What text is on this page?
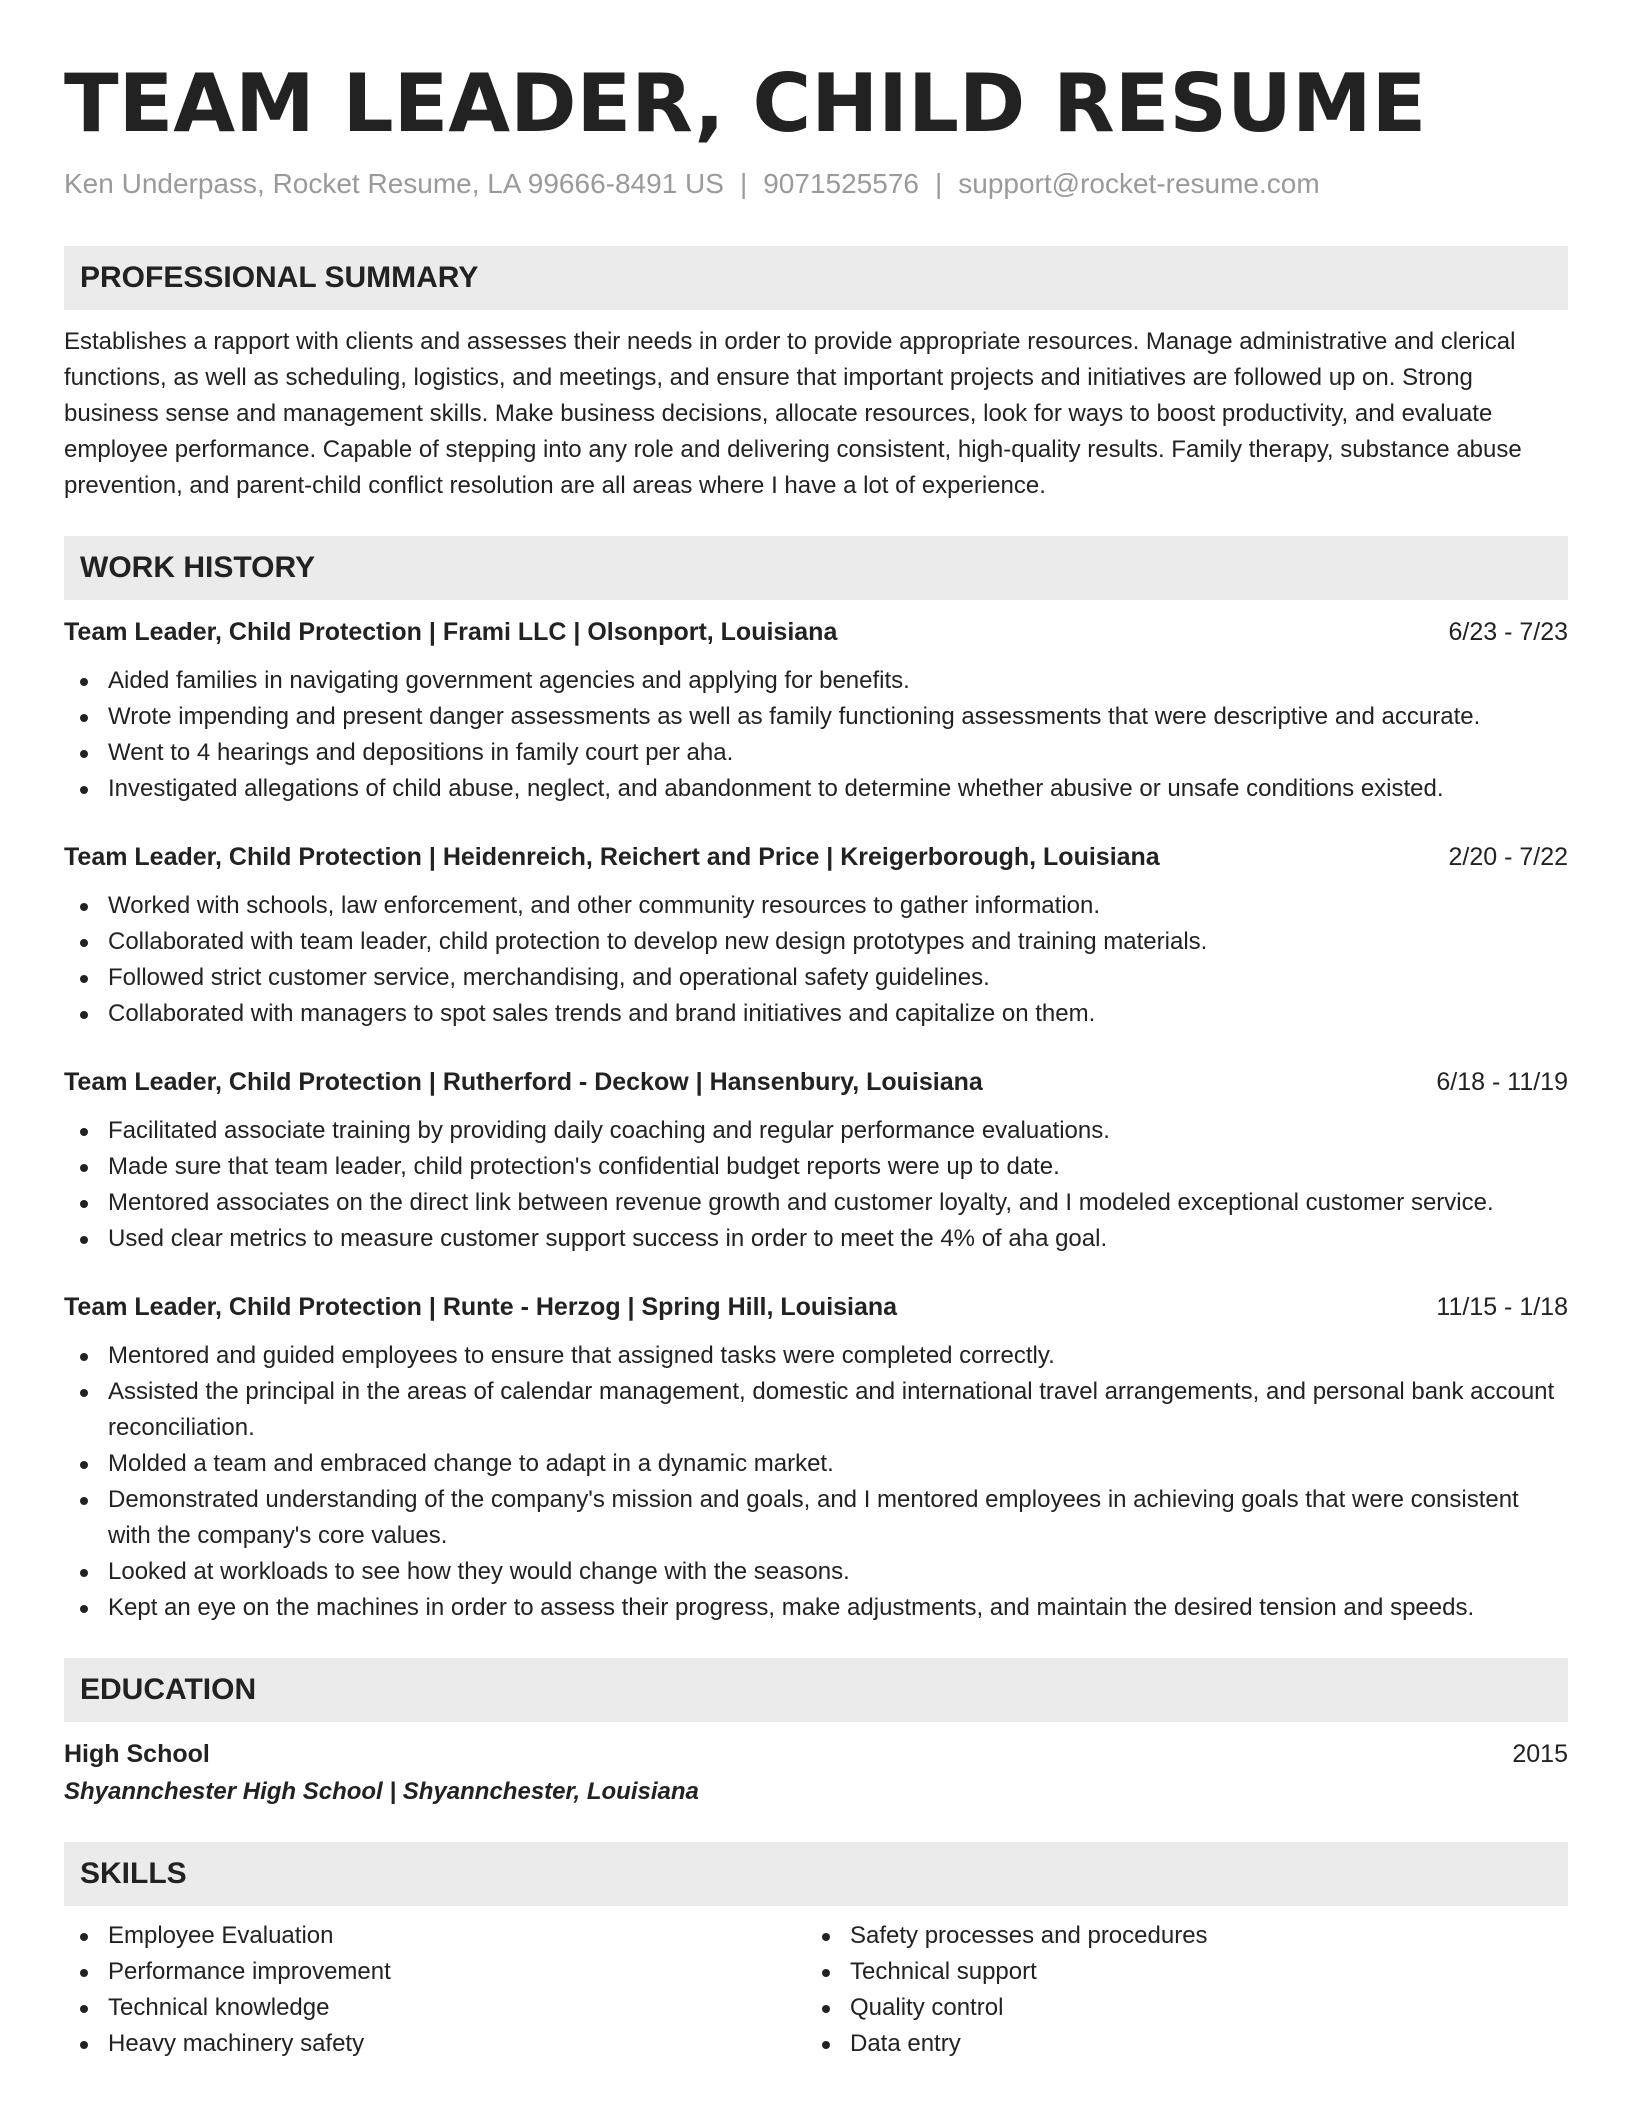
TEAM LEADER, CHILD RESUME
Ken Underpass, Rocket Resume, LA 99666-8491 US | 9071525576 | support@rocket-resume.com
PROFESSIONAL SUMMARY

Establishes a rapport with clients and assesses their needs in order to provide appropriate resources. Manage administrative and clerical functions, as well as scheduling, logistics, and meetings, and ensure that important projects and initiatives are followed up on. Strong business sense and management skills. Make business decisions, allocate resources, look for ways to boost productivity, and evaluate employee performance. Capable of stepping into any role and delivering consistent, high-quality results. Family therapy, substance abuse prevention, and parent-child conflict resolution are all areas where I have a lot of experience.

WORK HISTORY
Team Leader, Child Protection | Frami LLC | Olsonport, Louisiana	6/23 - 7/23
Aided families in navigating government agencies and applying for benefits.
Wrote impending and present danger assessments as well as family functioning assessments that were descriptive and accurate.
Went to 4 hearings and depositions in family court per aha.
Investigated allegations of child abuse, neglect, and abandonment to determine whether abusive or unsafe conditions existed.
Team Leader, Child Protection | Heidenreich, Reichert and Price | Kreigerborough, Louisiana	2/20 - 7/22
Worked with schools, law enforcement, and other community resources to gather information.
Collaborated with team leader, child protection to develop new design prototypes and training materials.
Followed strict customer service, merchandising, and operational safety guidelines.
Collaborated with managers to spot sales trends and brand initiatives and capitalize on them.
Team Leader, Child Protection | Rutherford - Deckow | Hansenbury, Louisiana	6/18 - 11/19
Facilitated associate training by providing daily coaching and regular performance evaluations.
Made sure that team leader, child protection's confidential budget reports were up to date.
Mentored associates on the direct link between revenue growth and customer loyalty, and I modeled exceptional customer service.
Used clear metrics to measure customer support success in order to meet the 4% of aha goal.
Team Leader, Child Protection | Runte - Herzog | Spring Hill, Louisiana	11/15 - 1/18
Mentored and guided employees to ensure that assigned tasks were completed correctly.
Assisted the principal in the areas of calendar management, domestic and international travel arrangements, and personal bank account reconciliation.
Molded a team and embraced change to adapt in a dynamic market.
Demonstrated understanding of the company's mission and goals, and I mentored employees in achieving goals that were consistent with the company's core values.
Looked at workloads to see how they would change with the seasons.
Kept an eye on the machines in order to assess their progress, make adjustments, and maintain the desired tension and speeds.
EDUCATION
High School	2015
Shyannchester High School | Shyannchester, Louisiana
SKILLS
Employee Evaluation
Performance improvement
Technical knowledge
Heavy machinery safety
Safety processes and procedures
Technical support
Quality control
Data entry
